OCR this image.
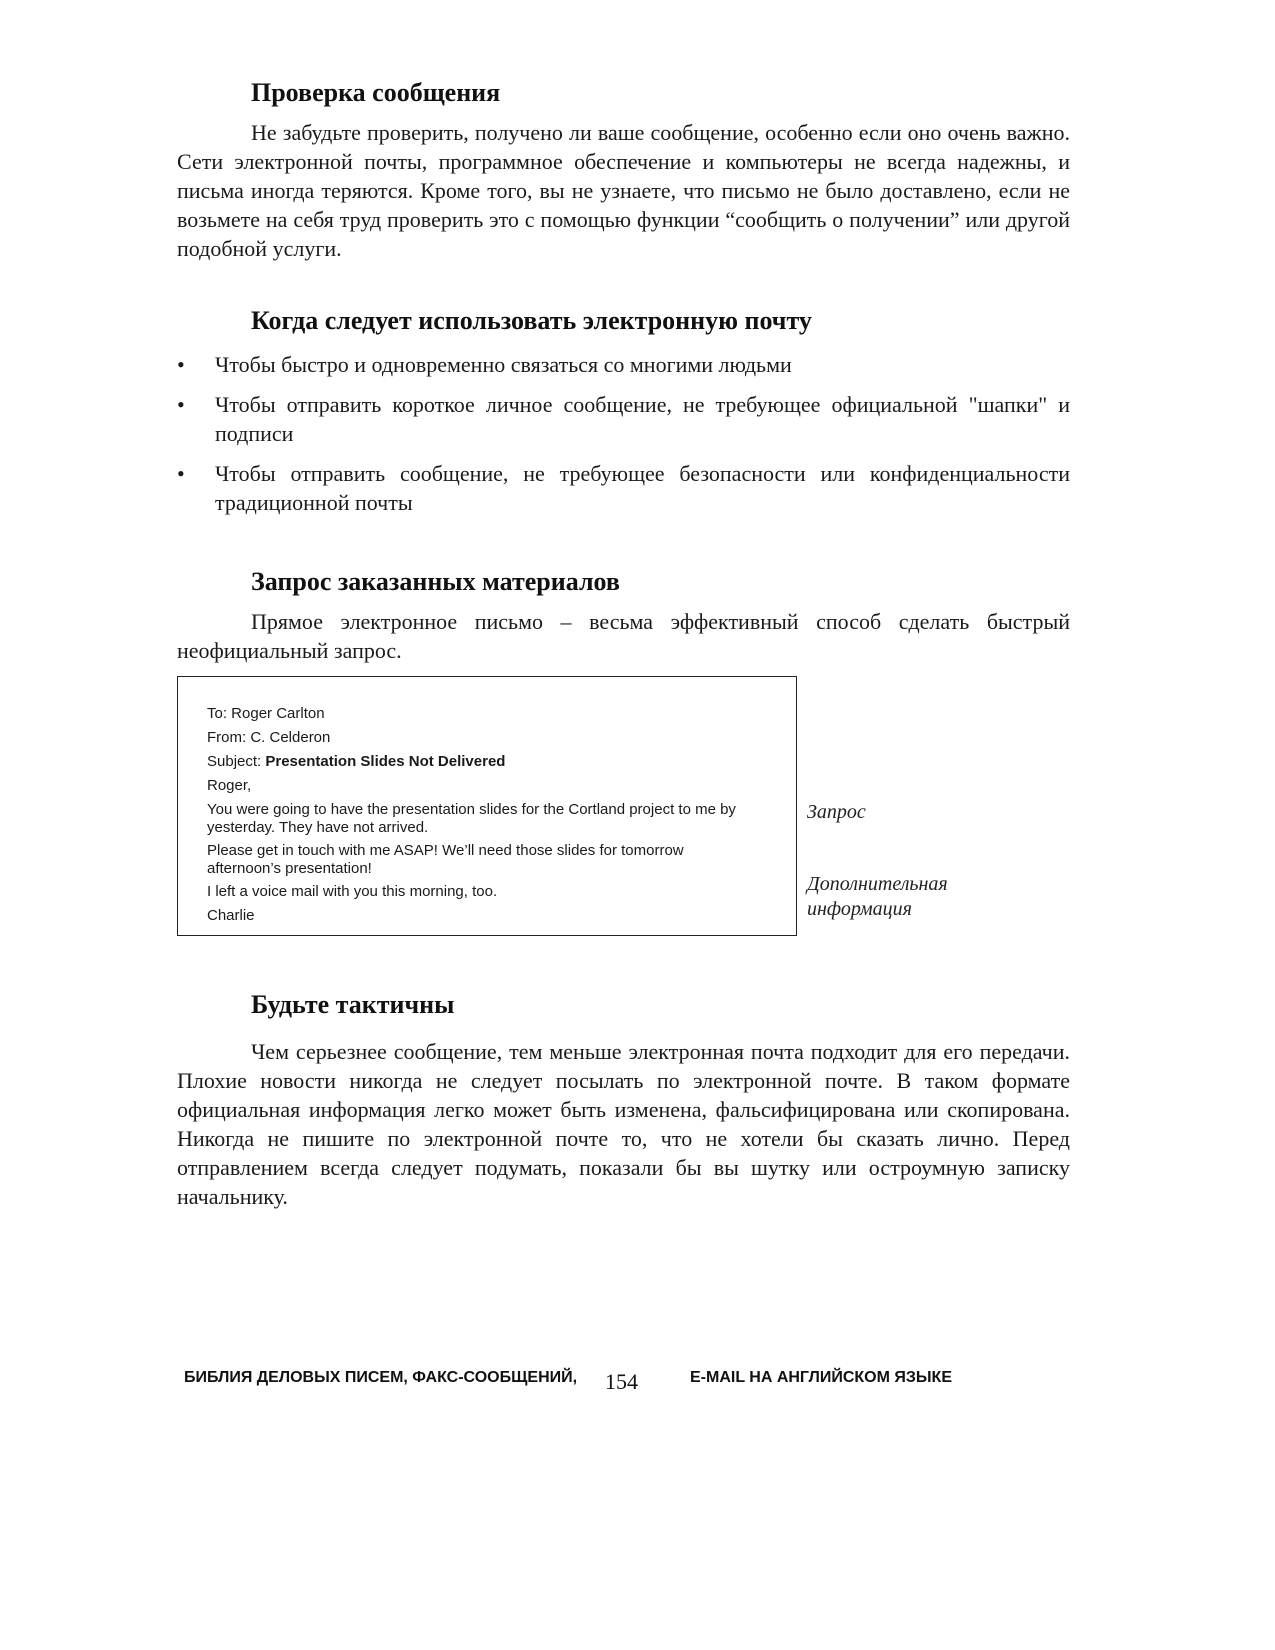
Проверка сообщения

Не забудьте проверить, получено ли ваше сообщение, особенно если оно очень важно. Сети электронной почты, программное обеспечение и компьютеры не всегда надежны, и письма иногда теряются. Кроме того, вы не узнаете, что письмо не было доставлено, если не возьмете на себя труд проверить это с помощью функции “сообщить о получении” или другой подобной услуги.

Когда следует использовать электронную почту
•	Чтобы быстро и одновременно связаться со многими людьми
•	Чтобы отправить короткое личное сообщение, не требующее официальной "шапки" и подписи
•	Чтобы отправить сообщение, не требующее безопасности или конфиденциальности традиционной почты
Запрос заказанных материалов

Прямое электронное письмо – весьма эффективный способ сделать быстрый неофициальный запрос.

To: Roger Carlton
From: C. Celderon
Subject: Presentation Slides Not Delivered
Roger,
You were going to have the presentation slides for the Cortland project to me by yesterday. They have not arrived.
Please get in touch with me ASAP! We’ll need those slides for tomorrow afternoon’s presentation!
I left a voice mail with you this morning, too.
Charlie
Запрос
Дополнительная
информация
Будьте тактичны

Чем серьезнее сообщение, тем меньше электронная почта подходит для его передачи. Плохие новости никогда не следует посылать по электронной почте. В таком формате официальная информация легко может быть изменена, фальсифицирована или скопирована. Никогда не пишите по электронной почте то, что не хотели бы сказать лично. Перед отправлением всегда следует подумать, показали бы вы шутку или остроумную записку начальнику.

БИБЛИЯ ДЕЛОВЫХ ПИСЕМ, ФАКС-СООБЩЕНИЙ, 154	E-MAIL НА АНГЛИЙСКОМ ЯЗЫКЕ
